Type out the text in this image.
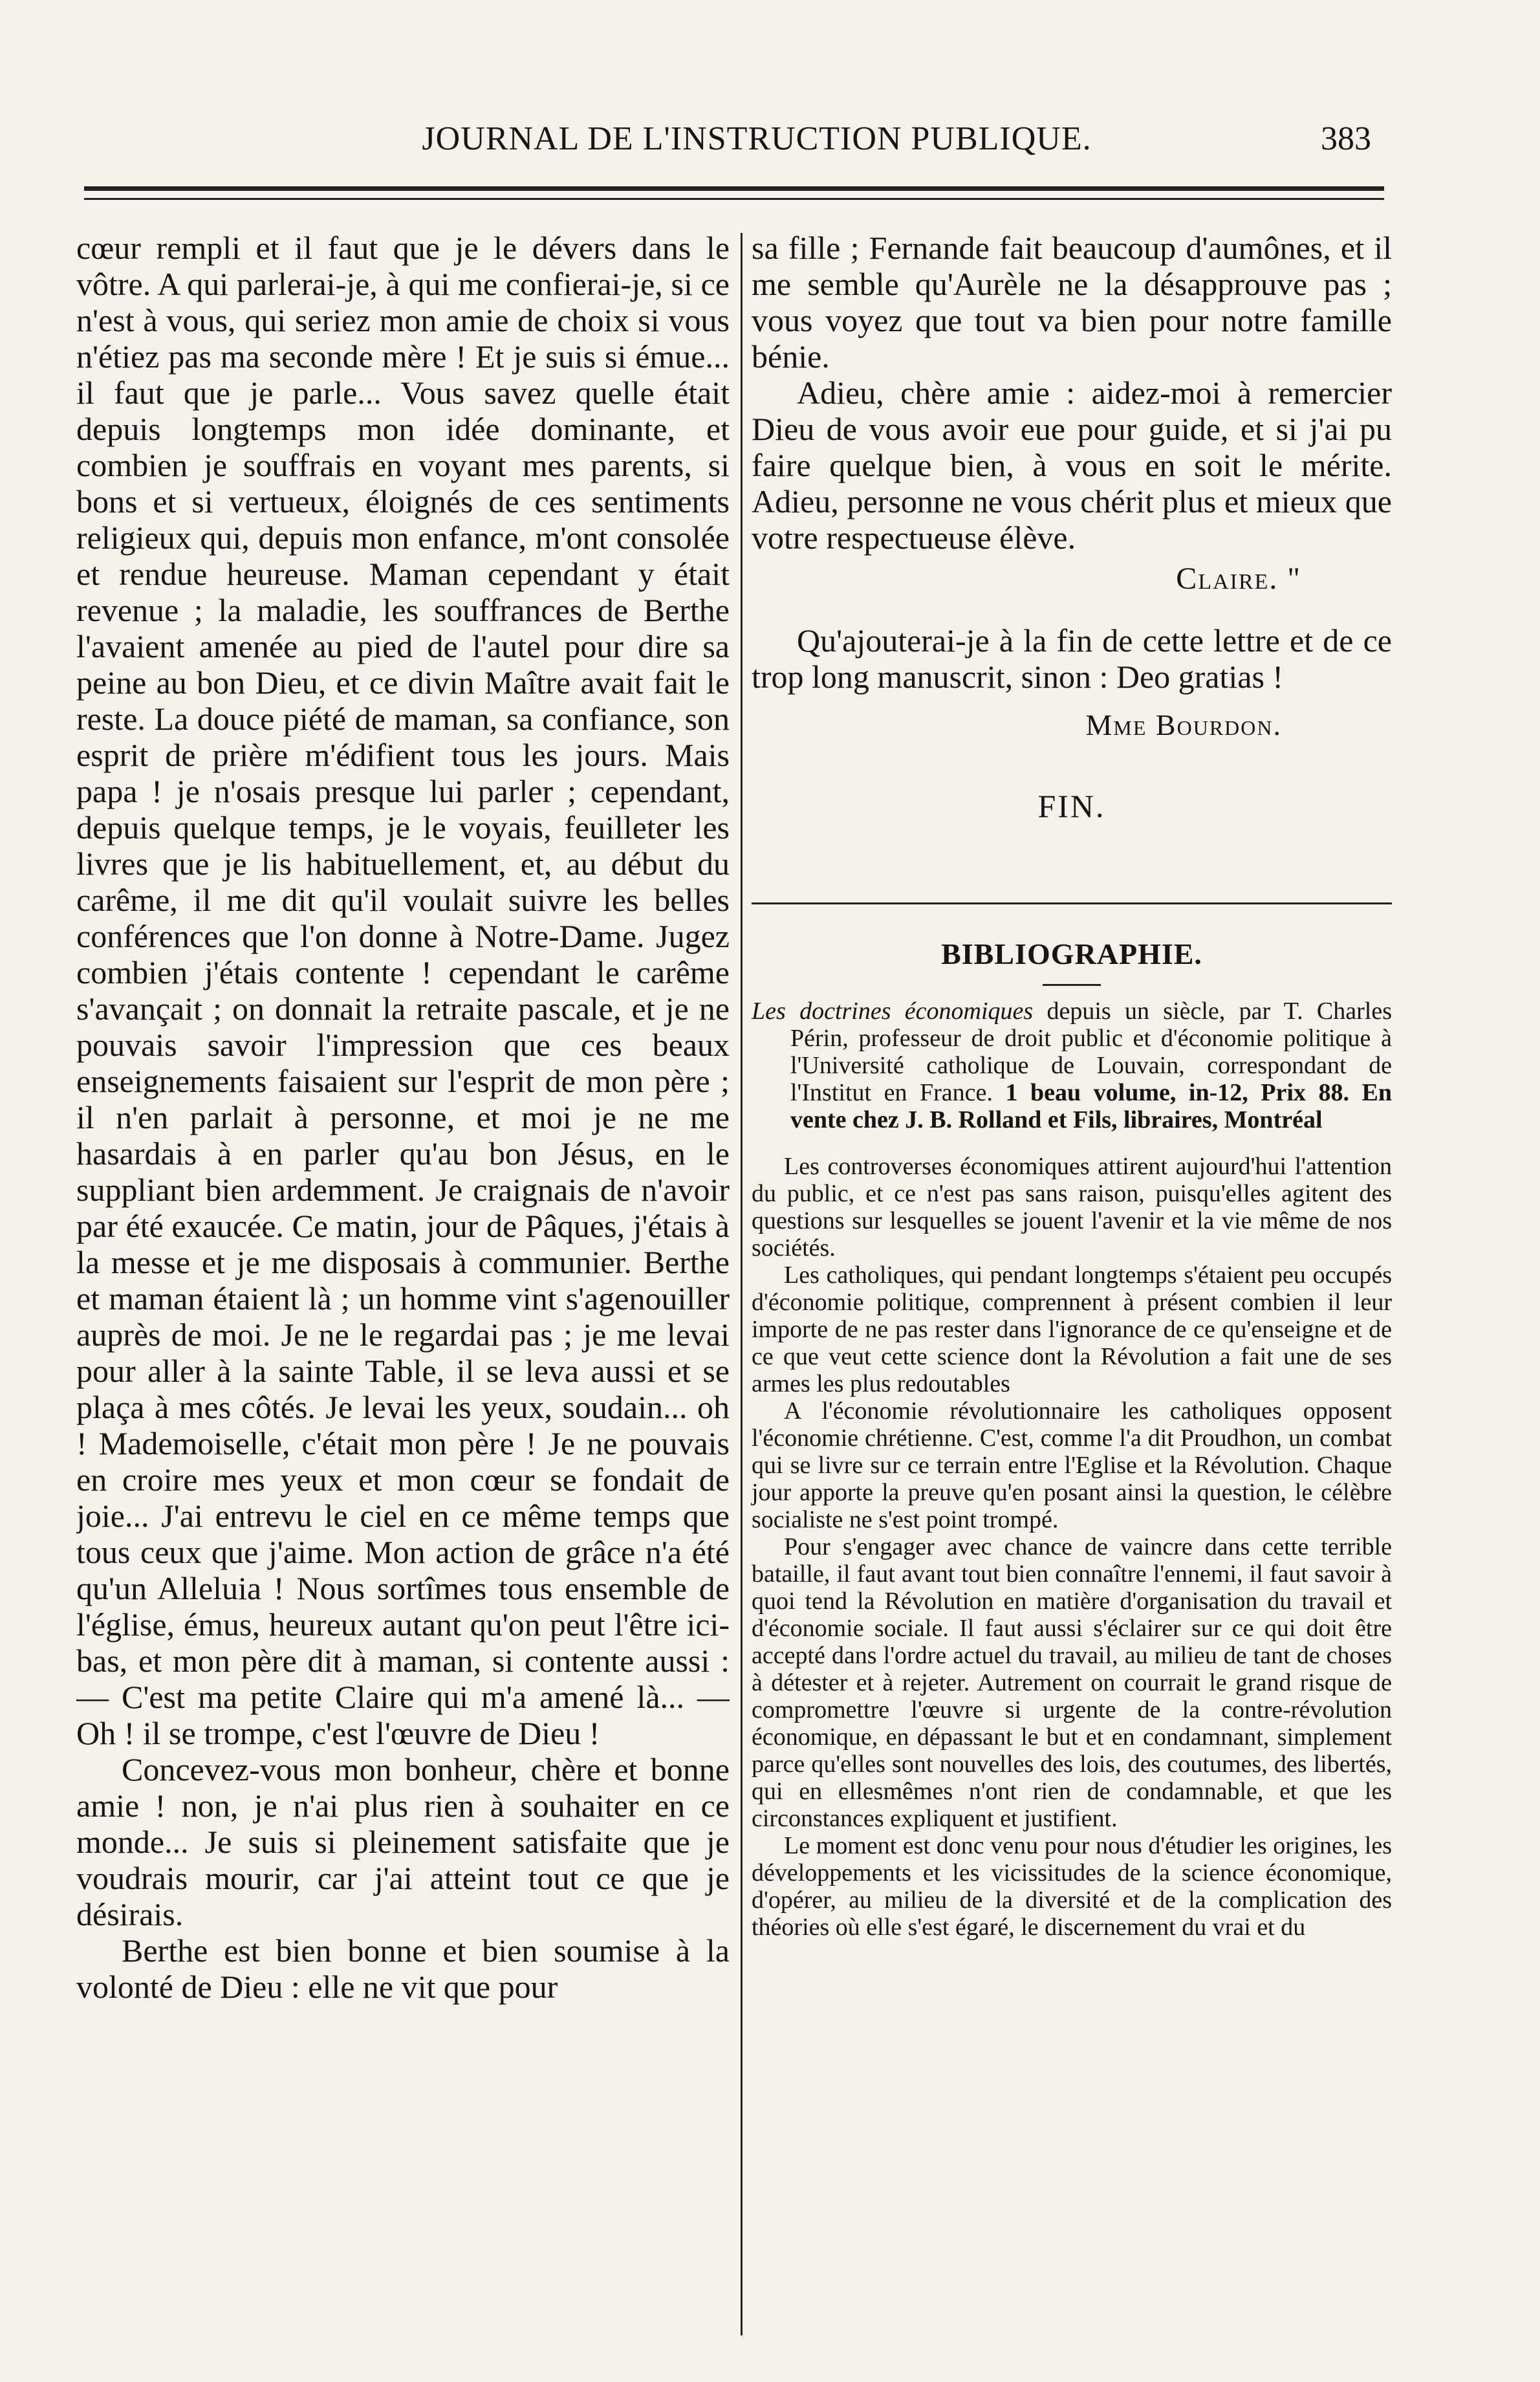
JOURNAL DE L'INSTRUCTION PUBLIQUE.	383

cœur rempli et il faut que je le dévers dans le vôtre. A qui parlerai-je, à qui me confierai-je, si ce n'est à vous, qui seriez mon amie de choix si vous n'étiez pas ma seconde mère ! Et je suis si émue... il faut que je parle... Vous savez quelle était depuis longtemps mon idée dominante, et combien je souffrais en voyant mes parents, si bons et si vertueux, éloignés de ces sentiments religieux qui, depuis mon enfance, m'ont consolée et rendue heureuse. Maman cependant y était revenue ; la maladie, les souffrances de Berthe l'avaient amenée au pied de l'autel pour dire sa peine au bon Dieu, et ce divin Maître avait fait le reste. La douce piété de maman, sa confiance, son esprit de prière m'édifient tous les jours. Mais papa ! je n'osais presque lui parler ; cependant, depuis quelque temps, je le voyais, feuilleter les livres que je lis habituellement, et, au début du carême, il me dit qu'il voulait suivre les belles conférences que l'on donne à Notre-Dame. Jugez combien j'étais contente ! cependant le carême s'avançait ; on donnait la retraite pascale, et je ne pouvais savoir l'impression que ces beaux enseignements faisaient sur l'esprit de mon père ; il n'en parlait à personne, et moi je ne me hasardais à en parler qu'au bon Jésus, en le suppliant bien ardemment. Je craignais de n'avoir par été exaucée. Ce matin, jour de Pâques, j'étais à la messe et je me disposais à communier. Berthe et maman étaient là ; un homme vint s'agenouiller auprès de moi. Je ne le regardai pas ; je me levai pour aller à la sainte Table, il se leva aussi et se plaça à mes côtés. Je levai les yeux, soudain... oh ! Mademoiselle, c'était mon père ! Je ne pouvais en croire mes yeux et mon cœur se fondait de joie... J'ai entrevu le ciel en ce même temps que tous ceux que j'aime. Mon action de grâce n'a été qu'un Alleluia ! Nous sortîmes tous ensemble de l'église, émus, heureux autant qu'on peut l'être ici-bas, et mon père dit à maman, si contente aussi :— C'est ma petite Claire qui m'a amené là... — Oh ! il se trompe, c'est l'œuvre de Dieu !

Concevez-vous mon bonheur, chère et bonne amie ! non, je n'ai plus rien à souhaiter en ce monde... Je suis si pleinement satisfaite que je voudrais mourir, car j'ai atteint tout ce que je désirais.

Berthe est bien bonne et bien soumise à la volonté de Dieu : elle ne vit que pour

sa fille ; Fernande fait beaucoup d'aumônes, et il me semble qu'Aurèle ne la désapprouve pas ; vous voyez que tout va bien pour notre famille bénie.

Adieu, chère amie : aidez-moi à remercier Dieu de vous avoir eue pour guide, et si j'ai pu faire quelque bien, à vous en soit le mérite. Adieu, personne ne vous chérit plus et mieux que votre respectueuse élève.

Claire. "

Qu'ajouterai-je à la fin de cette lettre et de ce trop long manuscrit, sinon : Deo gratias !

Mme Bourdon.
FIN.
BIBLIOGRAPHIE.
Les doctrines économiques depuis un siècle, par T. Charles Périn, professeur de droit public et d'économie politique à l'Université catholique de Louvain, correspondant de l'Institut en France. 1 beau volume, in-12, Prix 88. En vente chez J. B. Rolland et Fils, libraires, Montréal

Les controverses économiques attirent aujourd'hui l'attention du public, et ce n'est pas sans raison, puisqu'elles agitent des questions sur lesquelles se jouent l'avenir et la vie même de nos sociétés.

Les catholiques, qui pendant longtemps s'étaient peu occupés d'économie politique, comprennent à présent combien il leur importe de ne pas rester dans l'ignorance de ce qu'enseigne et de ce que veut cette science dont la Révolution a fait une de ses armes les plus redoutables

A l'économie révolutionnaire les catholiques opposent l'économie chrétienne. C'est, comme l'a dit Proudhon, un combat qui se livre sur ce terrain entre l'Eglise et la Révolution. Chaque jour apporte la preuve qu'en posant ainsi la question, le célèbre socialiste ne s'est point trompé.

Pour s'engager avec chance de vaincre dans cette terrible bataille, il faut avant tout bien connaître l'ennemi, il faut savoir à quoi tend la Révolution en matière d'organisation du travail et d'économie sociale. Il faut aussi s'éclairer sur ce qui doit être accepté dans l'ordre actuel du travail, au milieu de tant de choses à détester et à rejeter. Autrement on courrait le grand risque de compromettre l'œuvre si urgente de la contre-révolution économique, en dépassant le but et en condamnant, simplement parce qu'elles sont nouvelles des lois, des coutumes, des libertés, qui en ellesmêmes n'ont rien de condamnable, et que les circonstances expliquent et justifient.

Le moment est donc venu pour nous d'étudier les origines, les développements et les vicissitudes de la science économique, d'opérer, au milieu de la diversité et de la complication des théories où elle s'est égaré, le discernement du vrai et du
